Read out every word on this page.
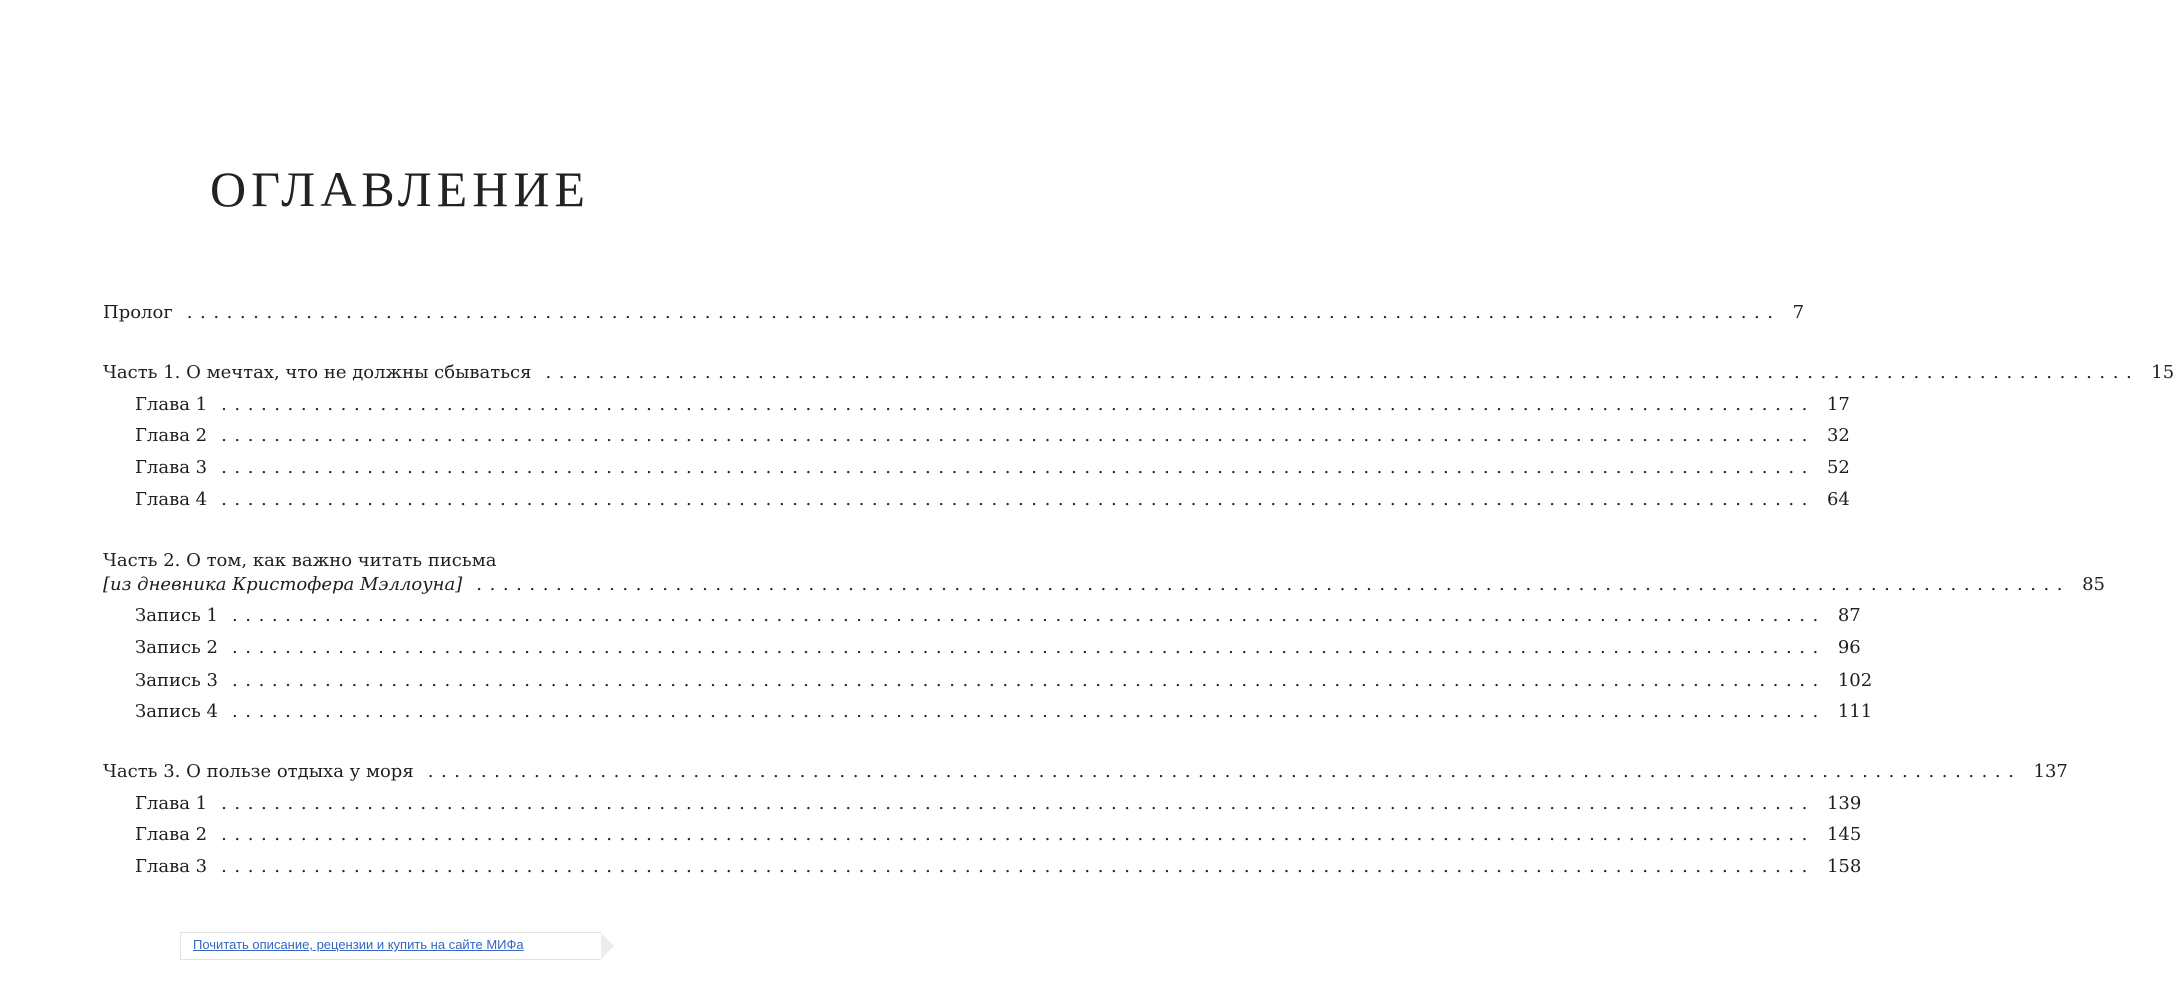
ОГЛАВЛЕНИЕ
Пролог ........................................................................................................................ 7
Часть 1. О мечтах, что не должны сбываться ........................................................................................................................ 15
Глава 1 ........................................................................................................................ 17
Глава 2 ........................................................................................................................ 32
Глава 3 ........................................................................................................................ 52
Глава 4 ........................................................................................................................ 64
Часть 2. О том, как важно читать письма
[из дневника Кристофера Мэллоуна] ........................................................................................................................ 85
Запись 1 ........................................................................................................................ 87
Запись 2 ........................................................................................................................ 96
Запись 3 ........................................................................................................................ 102
Запись 4 ........................................................................................................................ 111
Часть 3. О пользе отдыха у моря ........................................................................................................................ 137
Глава 1 ........................................................................................................................ 139
Глава 2 ........................................................................................................................ 145
Глава 3 ........................................................................................................................ 158
Почитать описание, рецензии и купить на сайте МИФа
